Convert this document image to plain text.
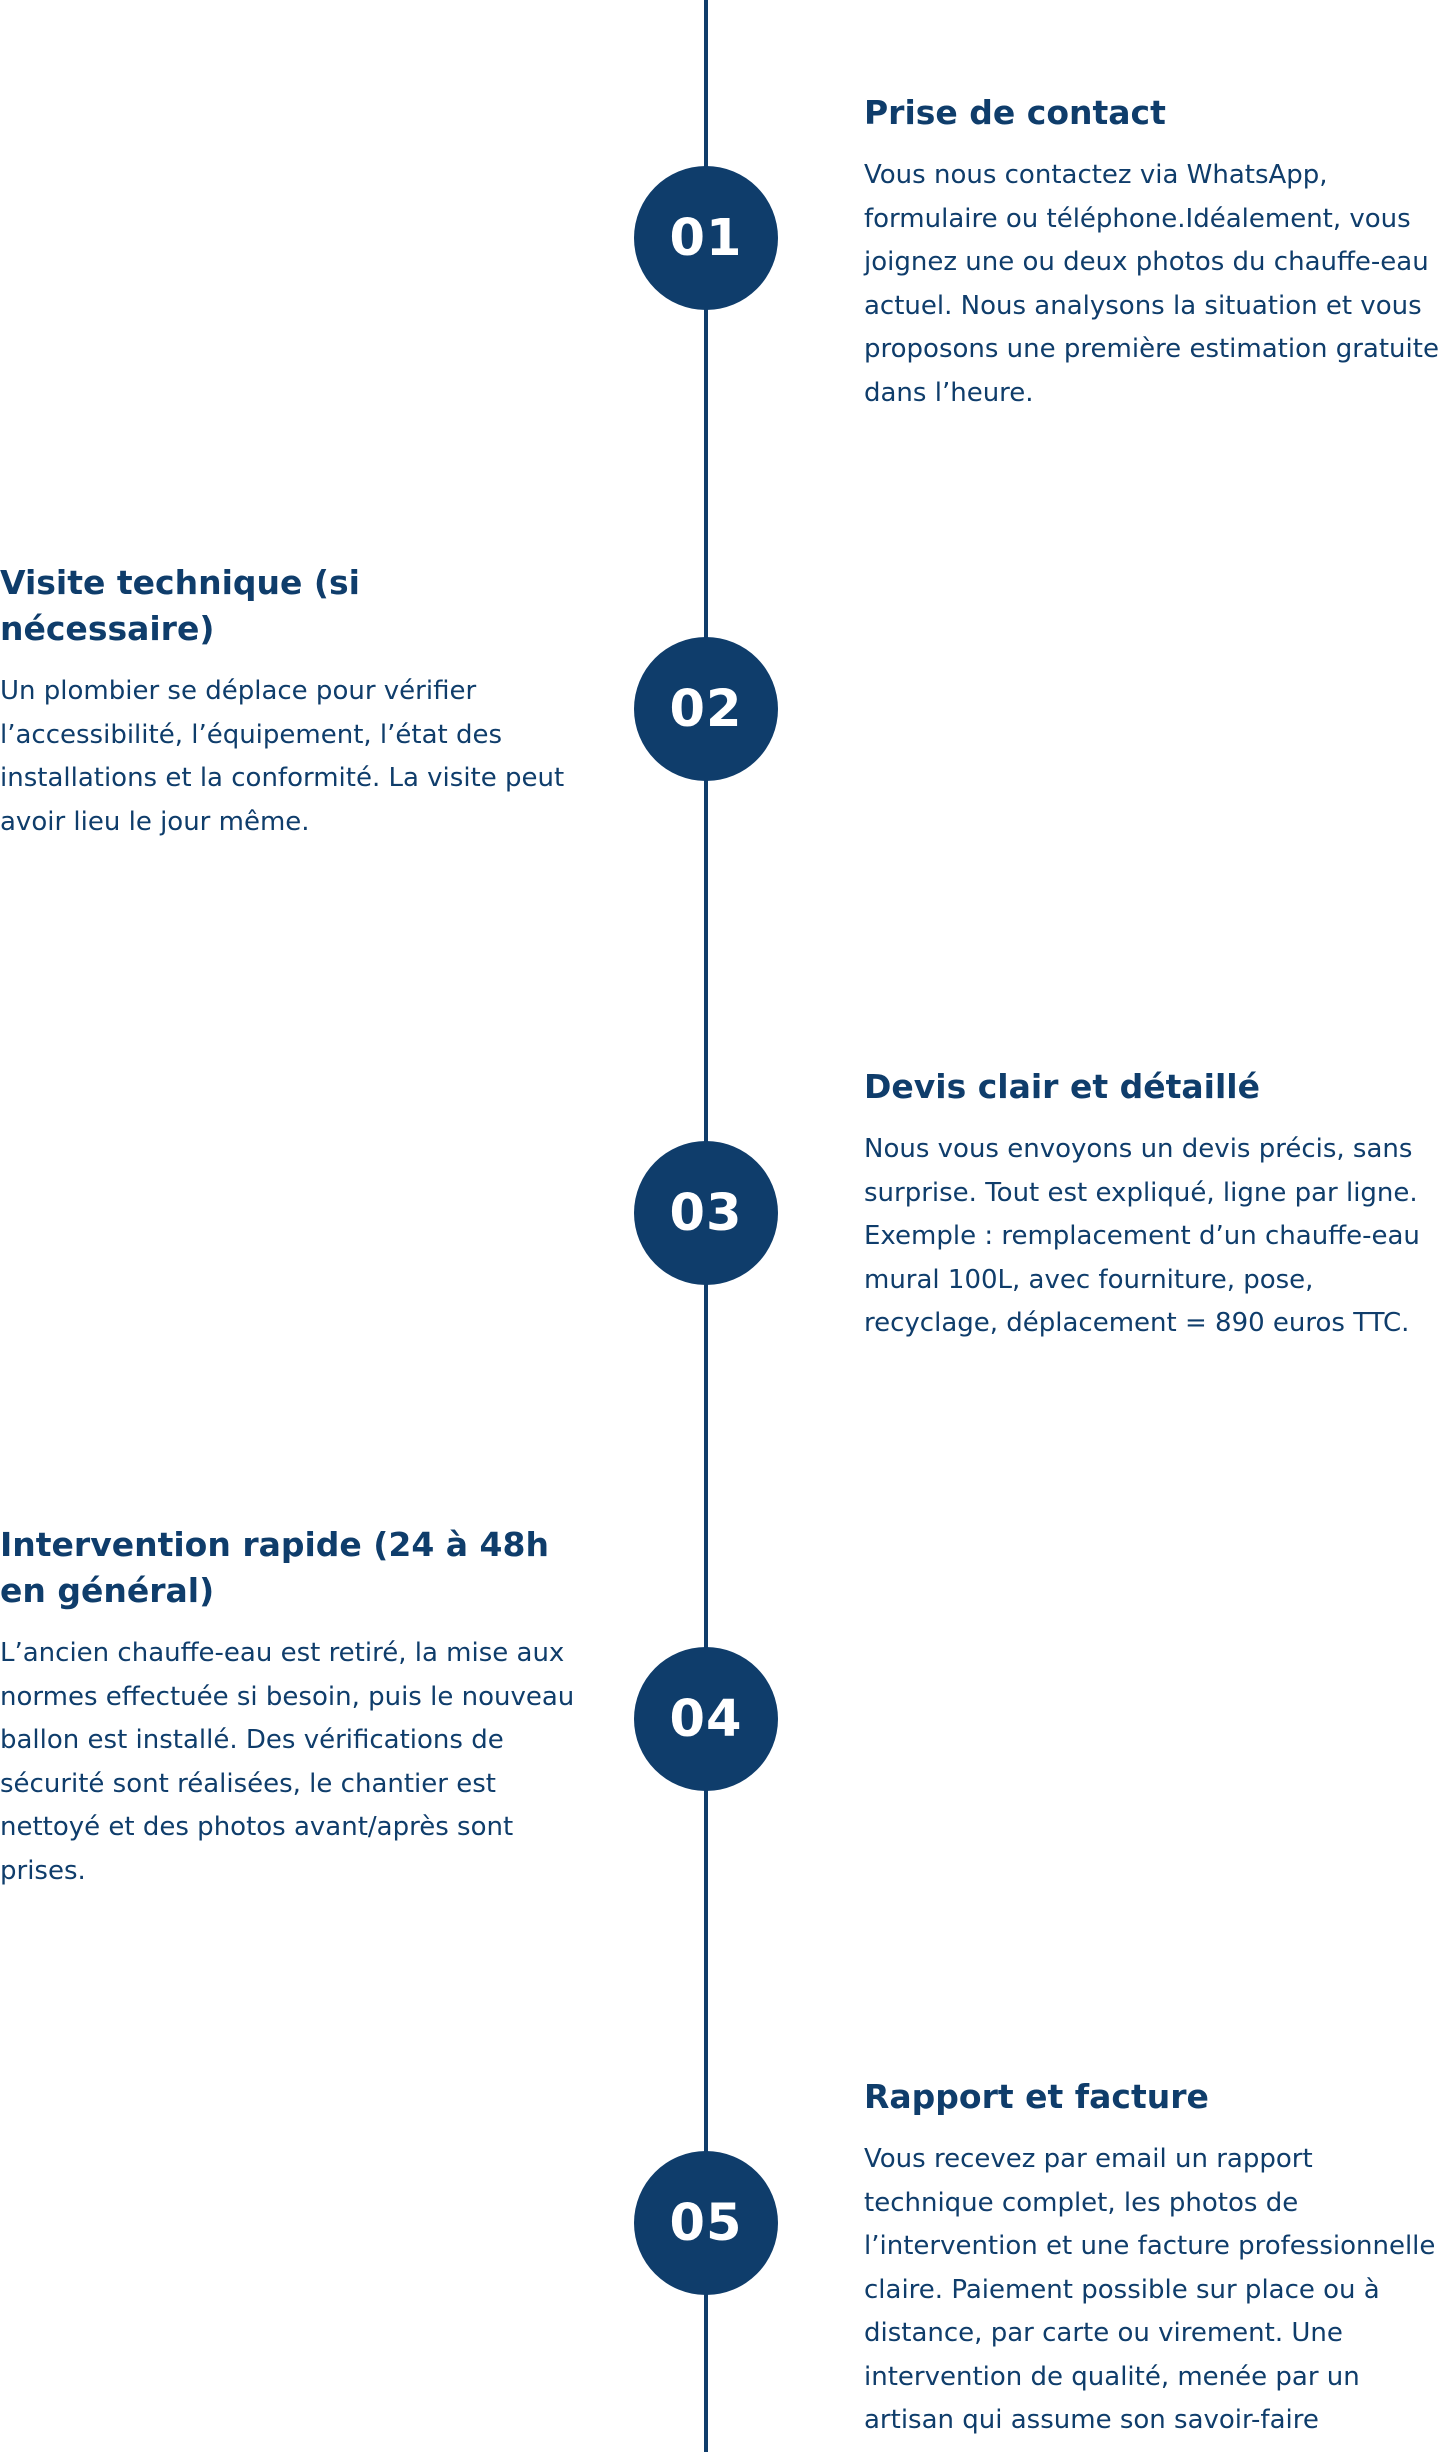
01
Prise de contact

Vous nous contactez via WhatsApp, formulaire ou téléphone.Idéalement, vous joignez une ou deux photos du chauffe-eau actuel. Nous analysons la situation et vous proposons une première estimation gratuite dans l’heure.

02
Visite technique (si nécessaire)

Un plombier se déplace pour vérifier l’accessibilité, l’équipement, l’état des installations et la conformité. La visite peut avoir lieu le jour même.

03
Devis clair et détaillé

Nous vous envoyons un devis précis, sans surprise. Tout est expliqué, ligne par ligne. Exemple : remplacement d’un chauffe-eau mural 100L, avec fourniture, pose, recyclage, déplacement = 890 euros TTC.

04
Intervention rapide (24 à 48h en général)

L’ancien chauffe-eau est retiré, la mise aux normes effectuée si besoin, puis le nouveau ballon est installé. Des vérifications de sécurité sont réalisées, le chantier est nettoyé et des photos avant/après sont prises.

05
Rapport et facture

Vous recevez par email un rapport technique complet, les photos de l’intervention et une facture professionnelle claire. Paiement possible sur place ou à distance, par carte ou virement. Une intervention de qualité, menée par un artisan qui assume son savoir-faire
